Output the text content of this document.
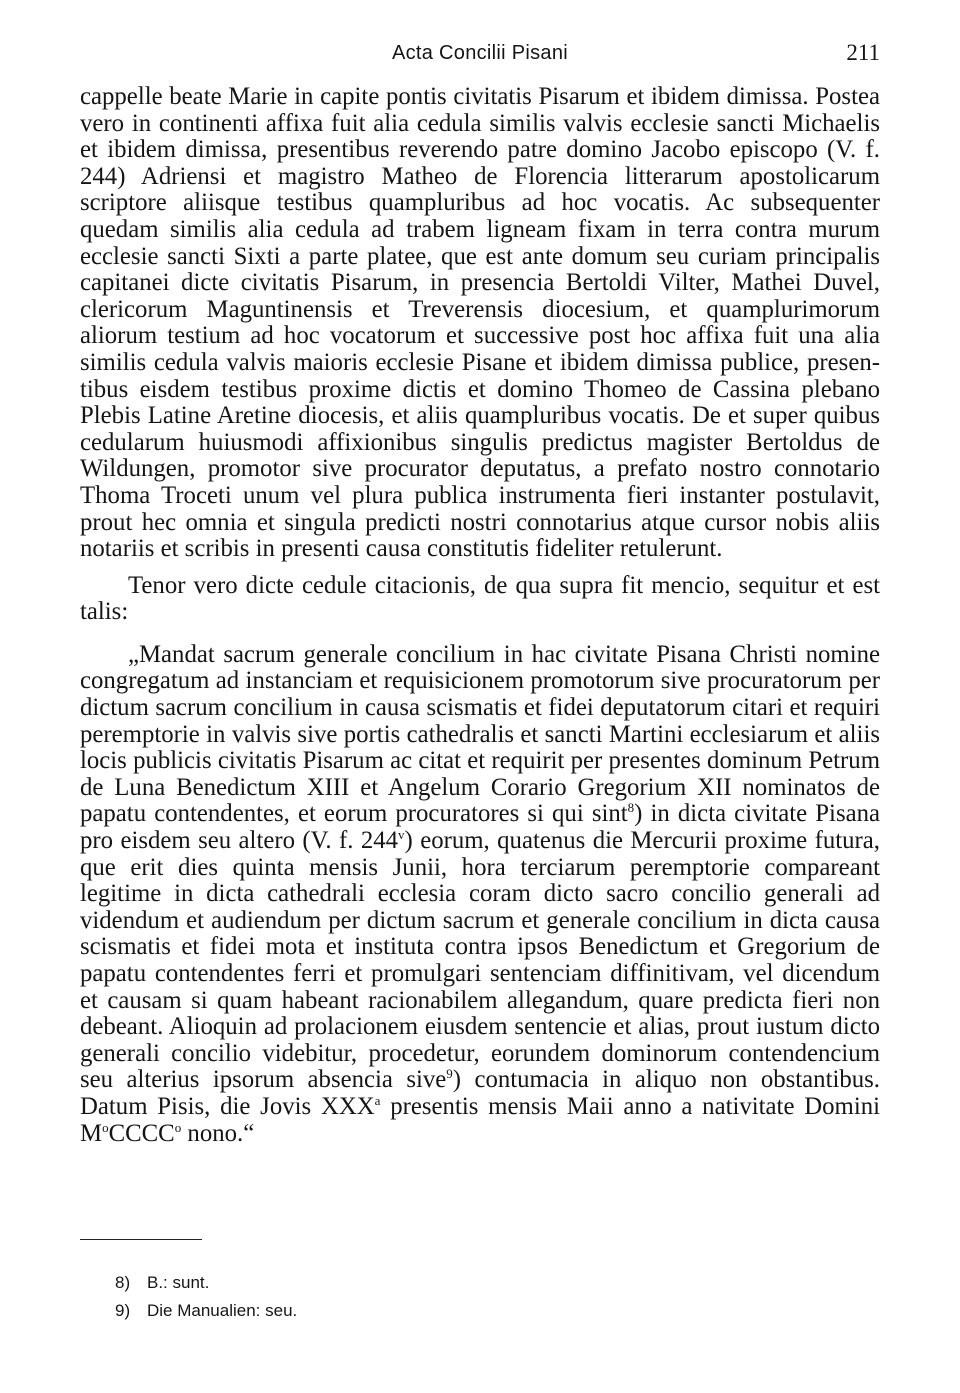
Acta Concilii Pisani	211

cappelle beate Marie in capite pontis civitatis Pisarum et ibidem dimissa. Postea vero in continenti affixa fuit alia cedula similis valvis ecclesie sancti Michaelis et ibidem dimissa, presentibus reverendo patre domino Jacobo episcopo (V. f. 244) Adriensi et magistro Matheo de Florencia litterarum apostolicarum scriptore aliisque testibus quampluribus ad hoc vocatis. Ac subsequenter quedam similis alia cedula ad trabem ligneam fixam in terra contra murum ecclesie sancti Sixti a parte platee, que est ante domum seu curiam principalis capitanei dicte civitatis Pisarum, in presencia Bertoldi Vilter, Mathei Duvel, clericorum Maguntinensis et Treverensis diocesium, et quamplurimorum aliorum testium ad hoc vocatorum et successive post hoc affixa fuit una alia similis cedula valvis maioris ecclesie Pisane et ibidem dimissa publice, presentibus eisdem testibus proxime dictis et domino Thomeo de Cassina plebano Plebis Latine Aretine diocesis, et aliis quampluribus vocatis. De et super quibus cedularum huiusmodi affixionibus singulis predictus magister Bertoldus de Wildungen, promotor sive procurator deputatus, a prefato nostro connotario Thoma Troceti unum vel plura publica instrumenta fieri instanter postulavit, prout hec omnia et singula predicti nostri connotarius atque cursor nobis aliis notariis et scribis in presenti causa constitutis fideliter retulerunt.

Tenor vero dicte cedule citacionis, de qua supra fit mencio, sequitur et est talis:

„Mandat sacrum generale concilium in hac civitate Pisana Christi nomine congregatum ad instanciam et requisicionem promotorum sive procuratorum per dictum sacrum concilium in causa scismatis et fidei deputatorum citari et requiri peremptorie in valvis sive portis cathedralis et sancti Martini ecclesiarum et aliis locis publicis civitatis Pisarum ac citat et requirit per presentes dominum Petrum de Luna Benedictum XIII et Angelum Corario Gregorium XII nominatos de papatu contendentes, et eorum procuratores si qui sint$^8$) in dicta civitate Pisana pro eisdem seu altero (V. f. 244$^v$) eorum, quatenus die Mercurii proxime futura, que erit dies quinta mensis Junii, hora terciarum peremptorie compareant legitime in dicta cathedrali ecclesia coram dicto sacro concilio generali ad videndum et audiendum per dictum sacrum et generale concilium in dicta causa scismatis et fidei mota et instituta contra ipsos Benedictum et Gregorium de papatu contendentes ferri et promulgari sentenciam diffinitivam, vel dicendum et causam si quam habeant racionabilem allegandum, quare predicta fieri non debeant. Alioquin ad prolacionem eiusdem sentencie et alias, prout iustum dicto generali concilio videbitur, procedetur, eorundem dominorum contendencium seu alterius ipsorum absencia sive$^9$) contumacia in aliquo non obstantibus. Datum Pisis, die Jovis XXX$^a$ presentis mensis Maii anno a nativitate Domini $M^oCCCC^o$ nono.“

8) B.: sunt.

9) Die Manualien: seu.
